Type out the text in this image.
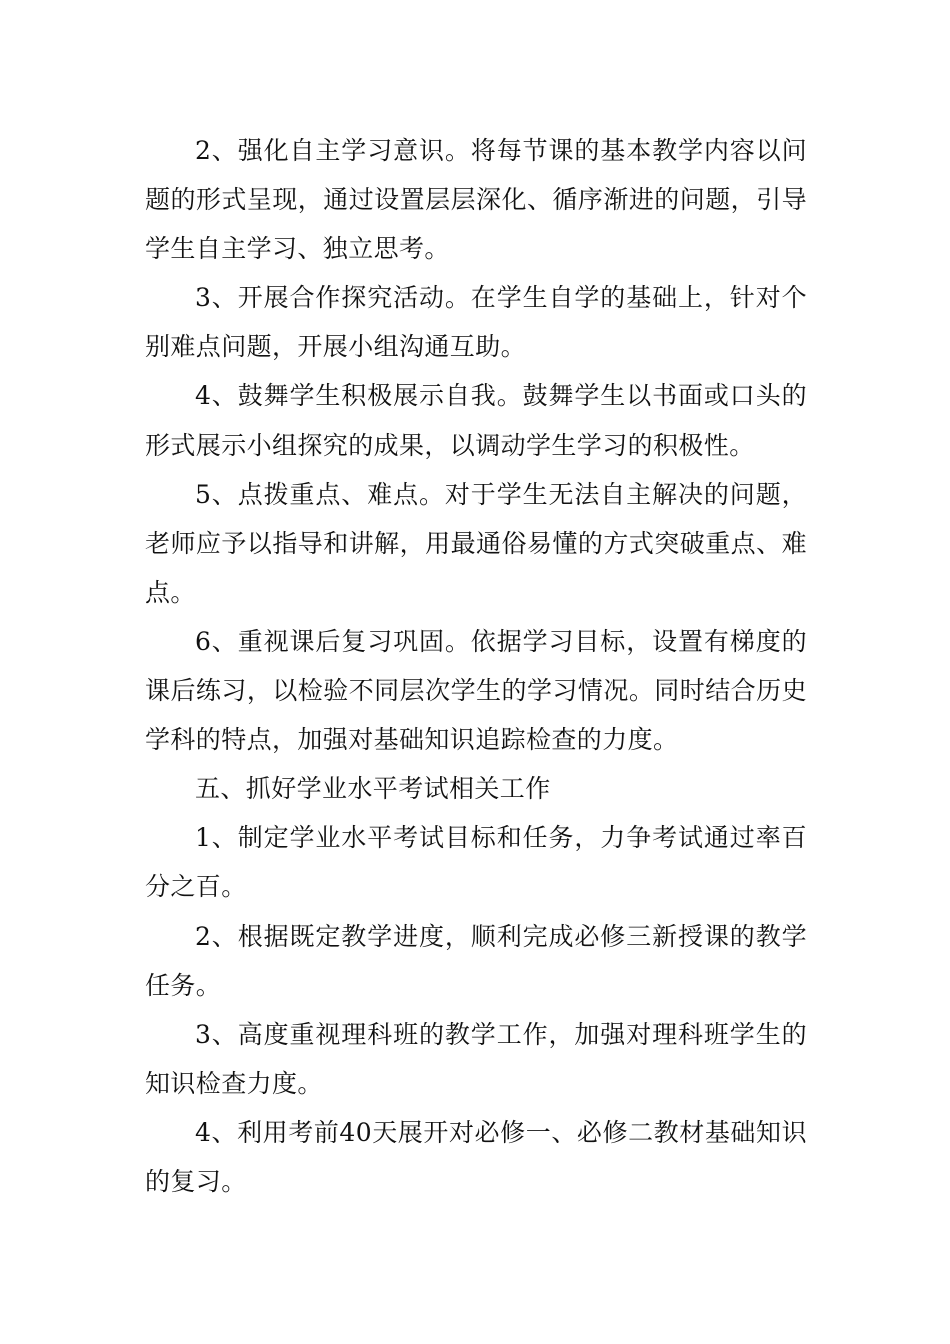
2、强化自主学习意识。将每节课的基本教学内容以问题的形式呈现，通过设置层层深化、循序渐进的问题，引导学生自主学习、独立思考。

3、开展合作探究活动。在学生自学的基础上，针对个别难点问题，开展小组沟通互助。

4、鼓舞学生积极展示自我。鼓舞学生以书面或口头的形式展示小组探究的成果，以调动学生学习的积极性。

5、点拨重点、难点。对于学生无法自主解决的问题，老师应予以指导和讲解，用最通俗易懂的方式突破重点、难点。

6、重视课后复习巩固。依据学习目标，设置有梯度的课后练习，以检验不同层次学生的学习情况。同时结合历史学科的特点，加强对基础知识追踪检查的力度。

五、抓好学业水平考试相关工作

1、制定学业水平考试目标和任务，力争考试通过率百分之百。

2、根据既定教学进度，顺利完成必修三新授课的教学任务。

3、高度重视理科班的教学工作，加强对理科班学生的知识检查力度。

4、利用考前40天展开对必修一、必修二教材基础知识的复习。
